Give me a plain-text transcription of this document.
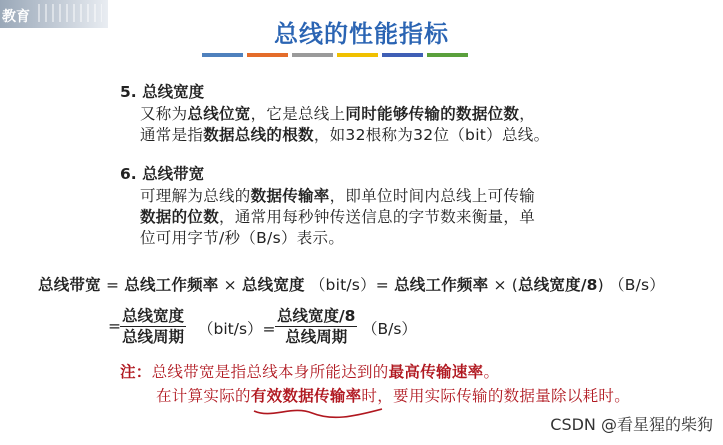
教育
总线的性能指标
5. 总线宽度
又称为总线位宽，它是总线上同时能够传输的数据位数，
通常是指数据总线的根数，如32根称为32位（bit）总线。
6. 总线带宽
可理解为总线的数据传输率，即单位时间内总线上可传输
数据的位数，通常用每秒钟传送信息的字节数来衡量，单
位可用字节/秒（B/s）表示。
总线带宽 = 总线工作频率 × 总线宽度 （bit/s）= 总线工作频率 × (总线宽度/8) （B/s）
=
总线宽度
总线周期 （bit/s）=
总线宽度/8
总线周期 （B/s）
注：总线带宽是指总线本身所能达到的最高传输速率。
在计算实际的有效数据传输率时，要用实际传输的数据量除以耗时。
CSDN @看星猩的柴狗
